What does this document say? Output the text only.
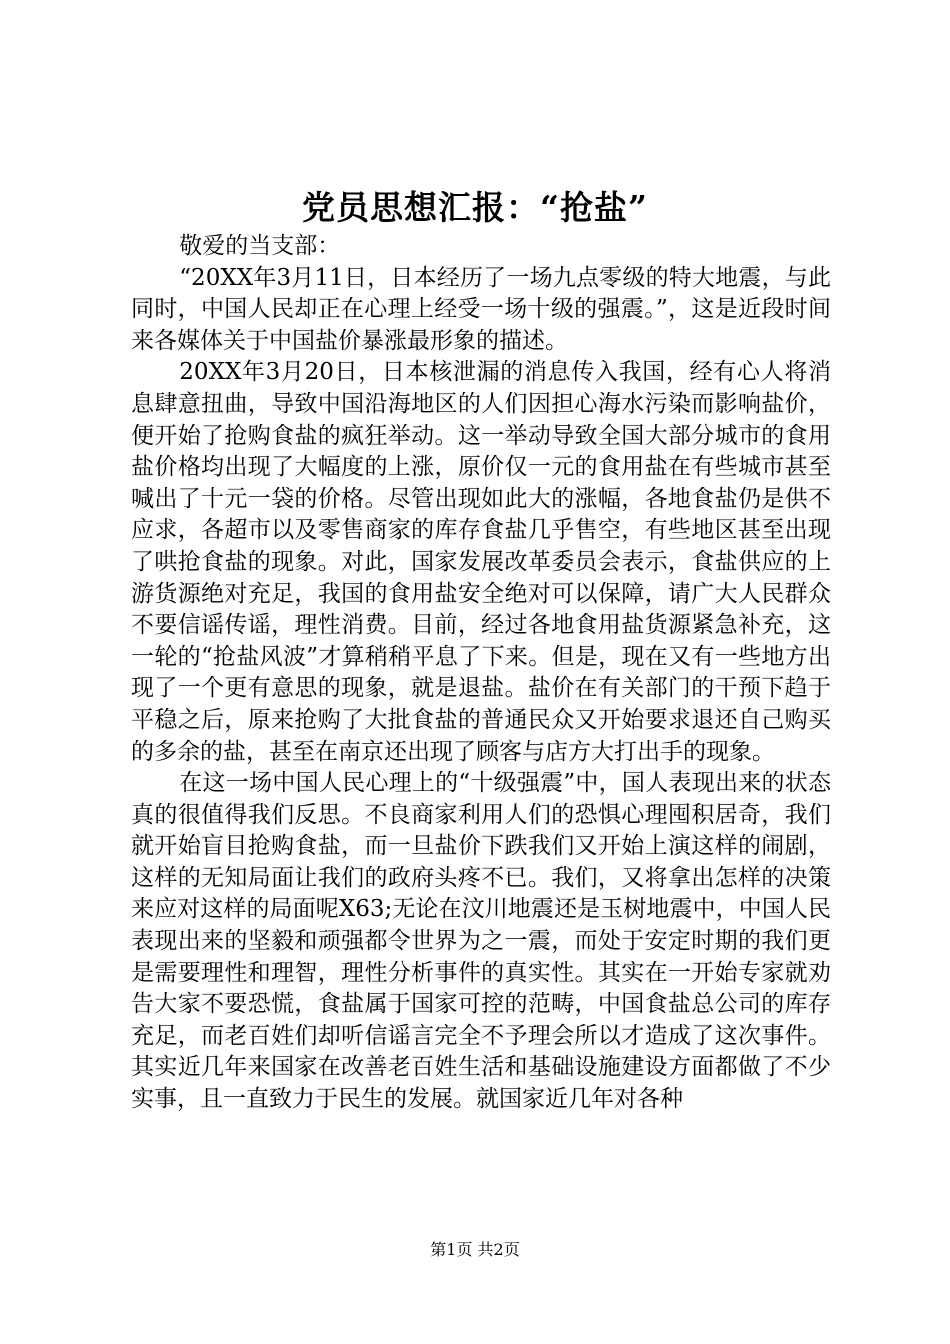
党员思想汇报：“抢盐”

敬爱的当支部：

“20XX年3月11日，日本经历了一场九点零级的特大地震，与此同时，中国人民却正在心理上经受一场十级的强震。”，这是近段时间来各媒体关于中国盐价暴涨最形象的描述。

20XX年3月20日，日本核泄漏的消息传入我国，经有心人将消息肆意扭曲，导致中国沿海地区的人们因担心海水污染而影响盐价，便开始了抢购食盐的疯狂举动。这一举动导致全国大部分城市的食用盐价格均出现了大幅度的上涨，原价仅一元的食用盐在有些城市甚至喊出了十元一袋的价格。尽管出现如此大的涨幅，各地食盐仍是供不应求，各超市以及零售商家的库存食盐几乎售空，有些地区甚至出现了哄抢食盐的现象。对此，国家发展改革委员会表示，食盐供应的上游货源绝对充足，我国的食用盐安全绝对可以保障，请广大人民群众不要信谣传谣，理性消费。目前，经过各地食用盐货源紧急补充，这一轮的“抢盐风波”才算稍稍平息了下来。但是，现在又有一些地方出现了一个更有意思的现象，就是退盐。盐价在有关部门的干预下趋于平稳之后，原来抢购了大批食盐的普通民众又开始要求退还自己购买的多余的盐，甚至在南京还出现了顾客与店方大打出手的现象。

在这一场中国人民心理上的“十级强震”中，国人表现出来的状态真的很值得我们反思。不良商家利用人们的恐惧心理囤积居奇，我们就开始盲目抢购食盐，而一旦盐价下跌我们又开始上演这样的闹剧，这样的无知局面让我们的政府头疼不已。我们，又将拿出怎样的决策来应对这样的局面呢X63;无论在汶川地震还是玉树地震中，中国人民表现出来的坚毅和顽强都令世界为之一震，而处于安定时期的我们更是需要理性和理智，理性分析事件的真实性。其实在一开始专家就劝告大家不要恐慌，食盐属于国家可控的范畴，中国食盐总公司的库存充足，而老百姓们却听信谣言完全不予理会所以才造成了这次事件。其实近几年来国家在改善老百姓生活和基础设施建设方面都做了不少实事，且一直致力于民生的发展。就国家近几年对各种

第1页 共2页
